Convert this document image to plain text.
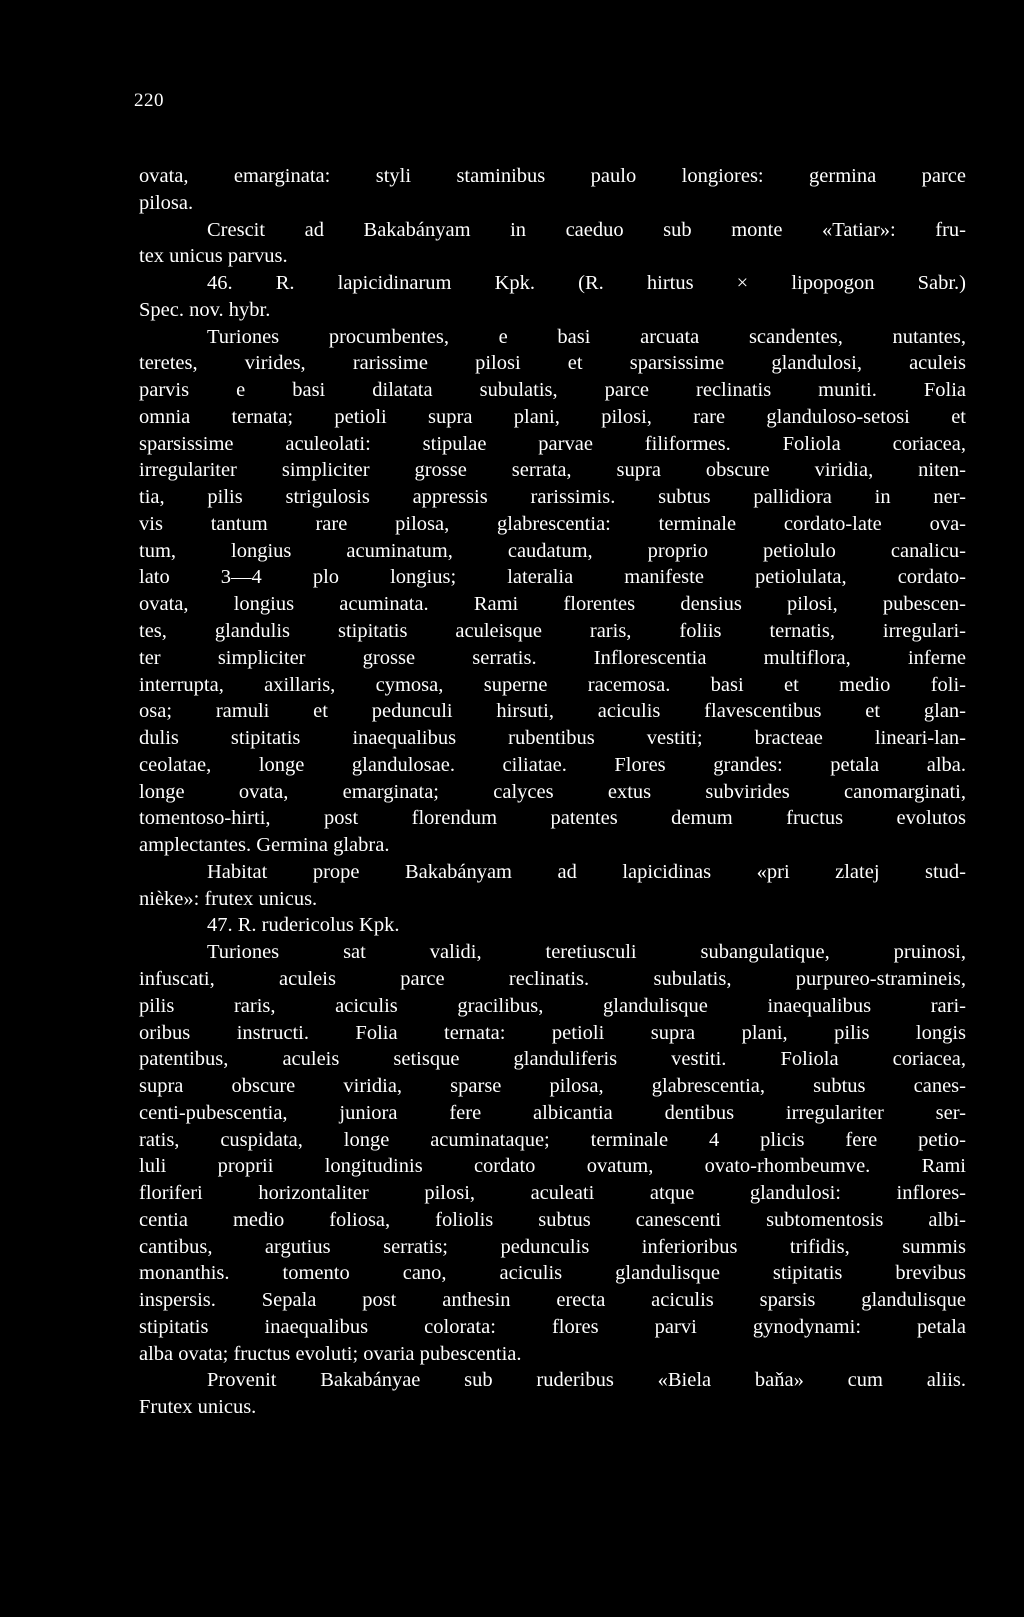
220
ovata, emarginata: styli staminibus paulo longiores: germina parce
pilosa.
Crescit ad Bakabányam in caeduo sub monte «Tatiar»: fru-
tex unicus parvus.
46. R. lapicidinarum Kpk. (R. hirtus × lipopogon Sabr.)
Spec. nov. hybr.
Turiones procumbentes, e basi arcuata scandentes, nutantes,
teretes, virides, rarissime pilosi et sparsissime glandulosi, aculeis
parvis e basi dilatata subulatis, parce reclinatis muniti. Folia
omnia ternata; petioli supra plani, pilosi, rare glanduloso-setosi et
sparsissime aculeolati: stipulae parvae filiformes. Foliola coriacea,
irregulariter simpliciter grosse serrata, supra obscure viridia, niten-
tia, pilis strigulosis appressis rarissimis. subtus pallidiora in ner-
vis tantum rare pilosa, glabrescentia: terminale cordato-late ova-
tum, longius acuminatum, caudatum, proprio petiolulo canalicu-
lato 3—4 plo longius; lateralia manifeste petiolulata, cordato-
ovata, longius acuminata. Rami florentes densius pilosi, pubescen-
tes, glandulis stipitatis aculeisque raris, foliis ternatis, irregulari-
ter simpliciter grosse serratis. Inflorescentia multiflora, inferne
interrupta, axillaris, cymosa, superne racemosa. basi et medio foli-
osa; ramuli et pedunculi hirsuti, aciculis flavescentibus et glan-
dulis stipitatis inaequalibus rubentibus vestiti; bracteae lineari-lan-
ceolatae, longe glandulosae. ciliatae. Flores grandes: petala alba.
longe ovata, emarginata; calyces extus subvirides canomarginati,
tomentoso-hirti, post florendum patentes demum fructus evolutos
amplectantes. Germina glabra.
Habitat prope Bakabányam ad lapicidinas «pri zlatej stud-
nièke»: frutex unicus.
47. R. rudericolus Kpk.
Turiones sat validi, teretiusculi subangulatique, pruinosi,
infuscati, aculeis parce reclinatis. subulatis, purpureo-stramineis,
pilis raris, aciculis gracilibus, glandulisque inaequalibus rari-
oribus instructi. Folia ternata: petioli supra plani, pilis longis
patentibus, aculeis setisque glanduliferis vestiti. Foliola coriacea,
supra obscure viridia, sparse pilosa, glabrescentia, subtus canes-
centi-pubescentia, juniora fere albicantia dentibus irregulariter ser-
ratis, cuspidata, longe acuminataque; terminale 4 plicis fere petio-
luli proprii longitudinis cordato ovatum, ovato-rhombeumve. Rami
floriferi horizontaliter pilosi, aculeati atque glandulosi: inflores-
centia medio foliosa, foliolis subtus canescenti subtomentosis albi-
cantibus, argutius serratis; pedunculis inferioribus trifidis, summis
monanthis. tomento cano, aciculis glandulisque stipitatis brevibus
inspersis. Sepala post anthesin erecta aciculis sparsis glandulisque
stipitatis inaequalibus colorata: flores parvi gynodynami: petala
alba ovata; fructus evoluti; ovaria pubescentia.
Provenit Bakabányae sub ruderibus «Biela baňa» cum aliis.
Frutex unicus.
